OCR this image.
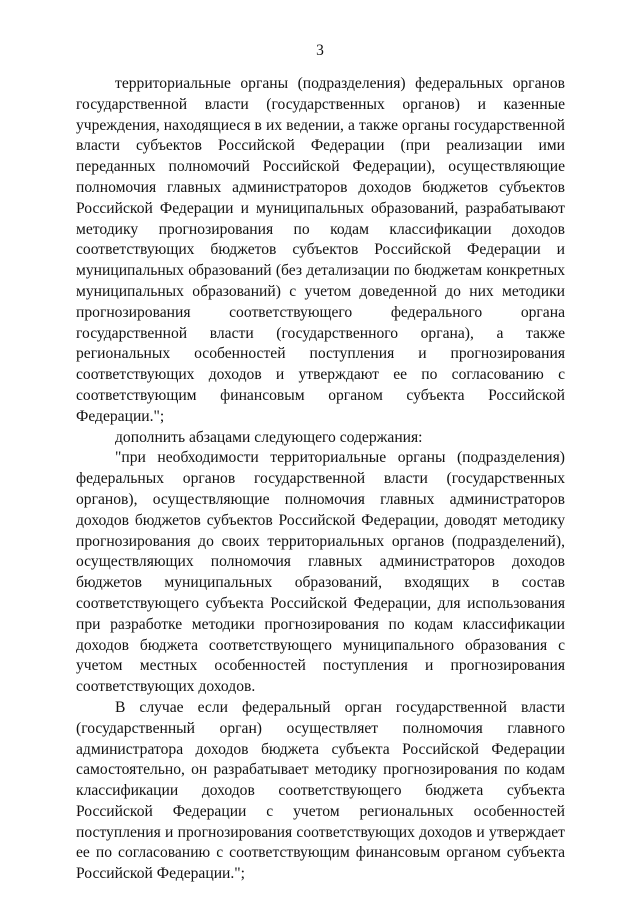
3

территориальные органы (подразделения) федеральных органов государственной власти (государственных органов) и казенные учреждения, находящиеся в их ведении, а также органы государственной власти субъектов Российской Федерации (при реализации ими переданных полномочий Российской Федерации), осуществляющие полномочия главных администраторов доходов бюджетов субъектов Российской Федерации и муниципальных образований, разрабатывают методику прогнозирования по кодам классификации доходов соответствующих бюджетов субъектов Российской Федерации и муниципальных образований (без детализации по бюджетам конкретных муниципальных образований) с учетом доведенной до них методики прогнозирования соответствующего федерального органа государственной власти (государственного органа), а также региональных особенностей поступления и прогнозирования соответствующих доходов и утверждают ее по согласованию с соответствующим финансовым органом субъекта Российской Федерации.";

дополнить абзацами следующего содержания:

"при необходимости территориальные органы (подразделения) федеральных органов государственной власти (государственных органов), осуществляющие полномочия главных администраторов доходов бюджетов субъектов Российской Федерации, доводят методику прогнозирования до своих территориальных органов (подразделений), осуществляющих полномочия главных администраторов доходов бюджетов муниципальных образований, входящих в состав соответствующего субъекта Российской Федерации, для использования при разработке методики прогнозирования по кодам классификации доходов бюджета соответствующего муниципального образования с учетом местных особенностей поступления и прогнозирования соответствующих доходов.

В случае если федеральный орган государственной власти (государственный орган) осуществляет полномочия главного администратора доходов бюджета субъекта Российской Федерации самостоятельно, он разрабатывает методику прогнозирования по кодам классификации доходов соответствующего бюджета субъекта Российской Федерации с учетом региональных особенностей поступления и прогнозирования соответствующих доходов и утверждает ее по согласованию с соответствующим финансовым органом субъекта Российской Федерации.";
